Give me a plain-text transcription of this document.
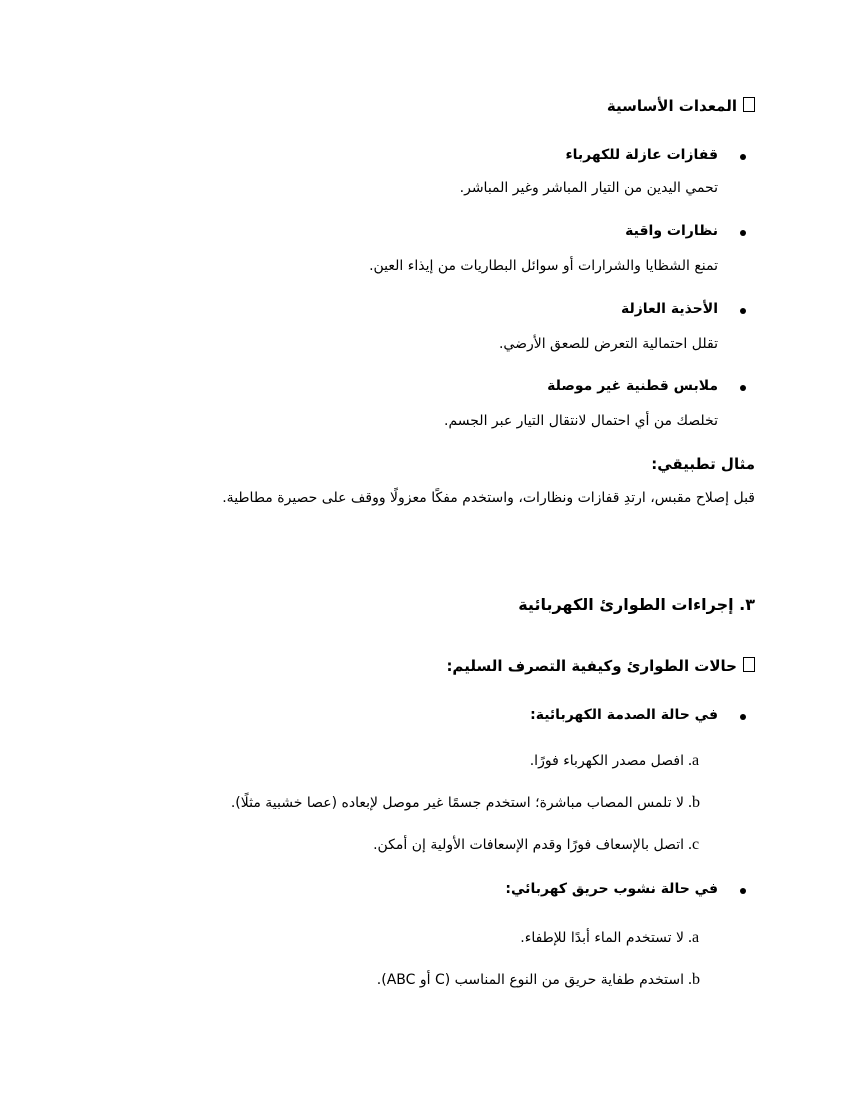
المعدات الأساسية
قفازات عازلة للكهرباء
تحمي اليدين من التيار المباشر وغير المباشر.
نظارات واقية
تمنع الشظايا والشرارات أو سوائل البطاريات من إيذاء العين.
الأحذية العازلة
تقلل احتمالية التعرض للصعق الأرضي.
ملابس قطنية غير موصلة
تخلصك من أي احتمال لانتقال التيار عبر الجسم.
مثال تطبيقي:
قبل إصلاح مقبس، ارتدِ قفازات ونظارات، واستخدم مفكًا معزولًا ووقف على حصيرة مطاطية.
٣. إجراءات الطوارئ الكهربائية
حالات الطوارئ وكيفية التصرف السليم:
في حالة الصدمة الكهربائية:
a.
افصل مصدر الكهرباء فورًا.
b.
لا تلمس المصاب مباشرة؛ استخدم جسمًا غير موصل لإبعاده (عصا خشبية مثلًا).
c.
اتصل بالإسعاف فورًا وقدم الإسعافات الأولية إن أمكن.
في حالة نشوب حريق كهربائي:
a.
لا تستخدم الماء أبدًا للإطفاء.
b.
استخدم طفاية حريق من النوع المناسب (C أو ABC).
